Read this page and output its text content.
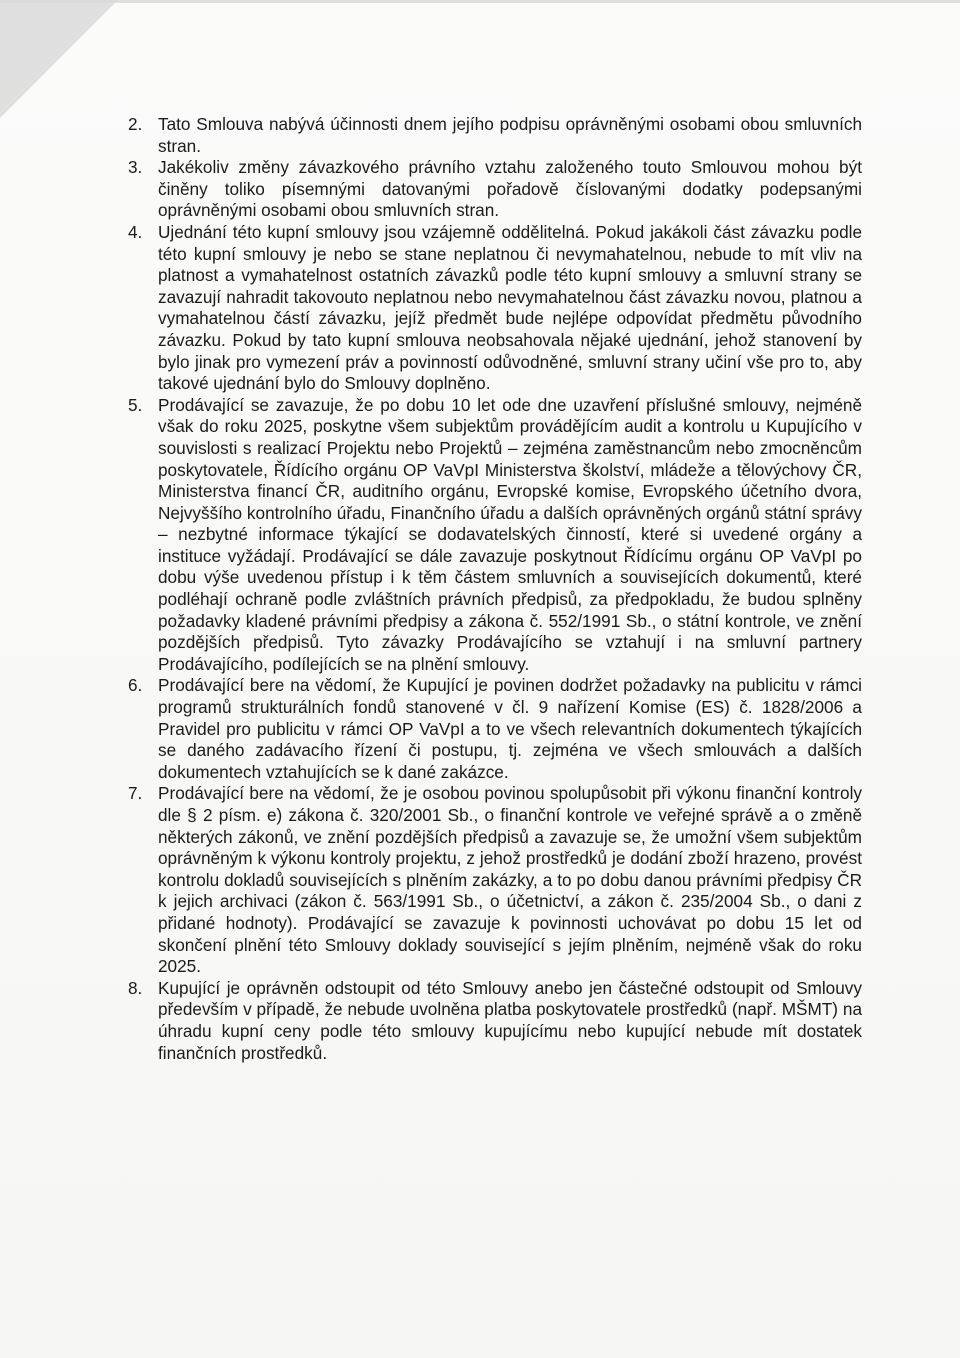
2. Tato Smlouva nabývá účinnosti dnem jejího podpisu oprávněnými osobami obou smluvních stran.
3. Jakékoliv změny závazkového právního vztahu založeného touto Smlouvou mohou být činěny toliko písemnými datovanými pořadově číslovanými dodatky podepsanými oprávněnými osobami obou smluvních stran.
4. Ujednání této kupní smlouvy jsou vzájemně oddělitelná. Pokud jakákoli část závazku podle této kupní smlouvy je nebo se stane neplatnou či nevymahatelnou, nebude to mít vliv na platnost a vymahatelnost ostatních závazků podle této kupní smlouvy a smluvní strany se zavazují nahradit takovouto neplatnou nebo nevymahatelnou část závazku novou, platnou a vymahatelnou částí závazku, jejíž předmět bude nejlépe odpovídat předmětu původního závazku. Pokud by tato kupní smlouva neobsahovala nějaké ujednání, jehož stanovení by bylo jinak pro vymezení práv a povinností odůvodněné, smluvní strany učiní vše pro to, aby takové ujednání bylo do Smlouvy doplněno.
5. Prodávající se zavazuje, že po dobu 10 let ode dne uzavření příslušné smlouvy, nejméně však do roku 2025, poskytne všem subjektům provádějícím audit a kontrolu u Kupujícího v souvislosti s realizací Projektu nebo Projektů – zejména zaměstnancům nebo zmocněncům poskytovatele, Řídícího orgánu OP VaVpI Ministerstva školství, mládeže a tělovýchovy ČR, Ministerstva financí ČR, auditního orgánu, Evropské komise, Evropského účetního dvora, Nejvyššího kontrolního úřadu, Finančního úřadu a dalších oprávněných orgánů státní správy – nezbytné informace týkající se dodavatelských činností, které si uvedené orgány a instituce vyžádají. Prodávající se dále zavazuje poskytnout Řídícímu orgánu OP VaVpI po dobu výše uvedenou přístup i k těm částem smluvních a souvisejících dokumentů, které podléhají ochraně podle zvláštních právních předpisů, za předpokladu, že budou splněny požadavky kladené právními předpisy a zákona č. 552/1991 Sb., o státní kontrole, ve znění pozdějších předpisů. Tyto závazky Prodávajícího se vztahují i na smluvní partnery Prodávajícího, podílejících se na plnění smlouvy.
6. Prodávající bere na vědomí, že Kupující je povinen dodržet požadavky na publicitu v rámci programů strukturálních fondů stanovené v čl. 9 nařízení Komise (ES) č. 1828/2006 a Pravidel pro publicitu v rámci OP VaVpI a to ve všech relevantních dokumentech týkajících se daného zadávacího řízení či postupu, tj. zejména ve všech smlouvách a dalších dokumentech vztahujících se k dané zakázce.
7. Prodávající bere na vědomí, že je osobou povinou spolupůsobit při výkonu finanční kontroly dle § 2 písm. e) zákona č. 320/2001 Sb., o finanční kontrole ve veřejné správě a o změně některých zákonů, ve znění pozdějších předpisů a zavazuje se, že umožní všem subjektům oprávněným k výkonu kontroly projektu, z jehož prostředků je dodání zboží hrazeno, provést kontrolu dokladů souvisejících s plněním zakázky, a to po dobu danou právními předpisy ČR k jejich archivaci (zákon č. 563/1991 Sb., o účetnictví, a zákon č. 235/2004 Sb., o dani z přidané hodnoty). Prodávající se zavazuje k povinnosti uchovávat po dobu 15 let od skončení plnění této Smlouvy doklady související s jejím plněním, nejméně však do roku 2025.
8. Kupující je oprávněn odstoupit od této Smlouvy anebo jen částečné odstoupit od Smlouvy především v případě, že nebude uvolněna platba poskytovatele prostředků (např. MŠMT) na úhradu kupní ceny podle této smlouvy kupujícímu nebo kupující nebude mít dostatek finančních prostředků.
